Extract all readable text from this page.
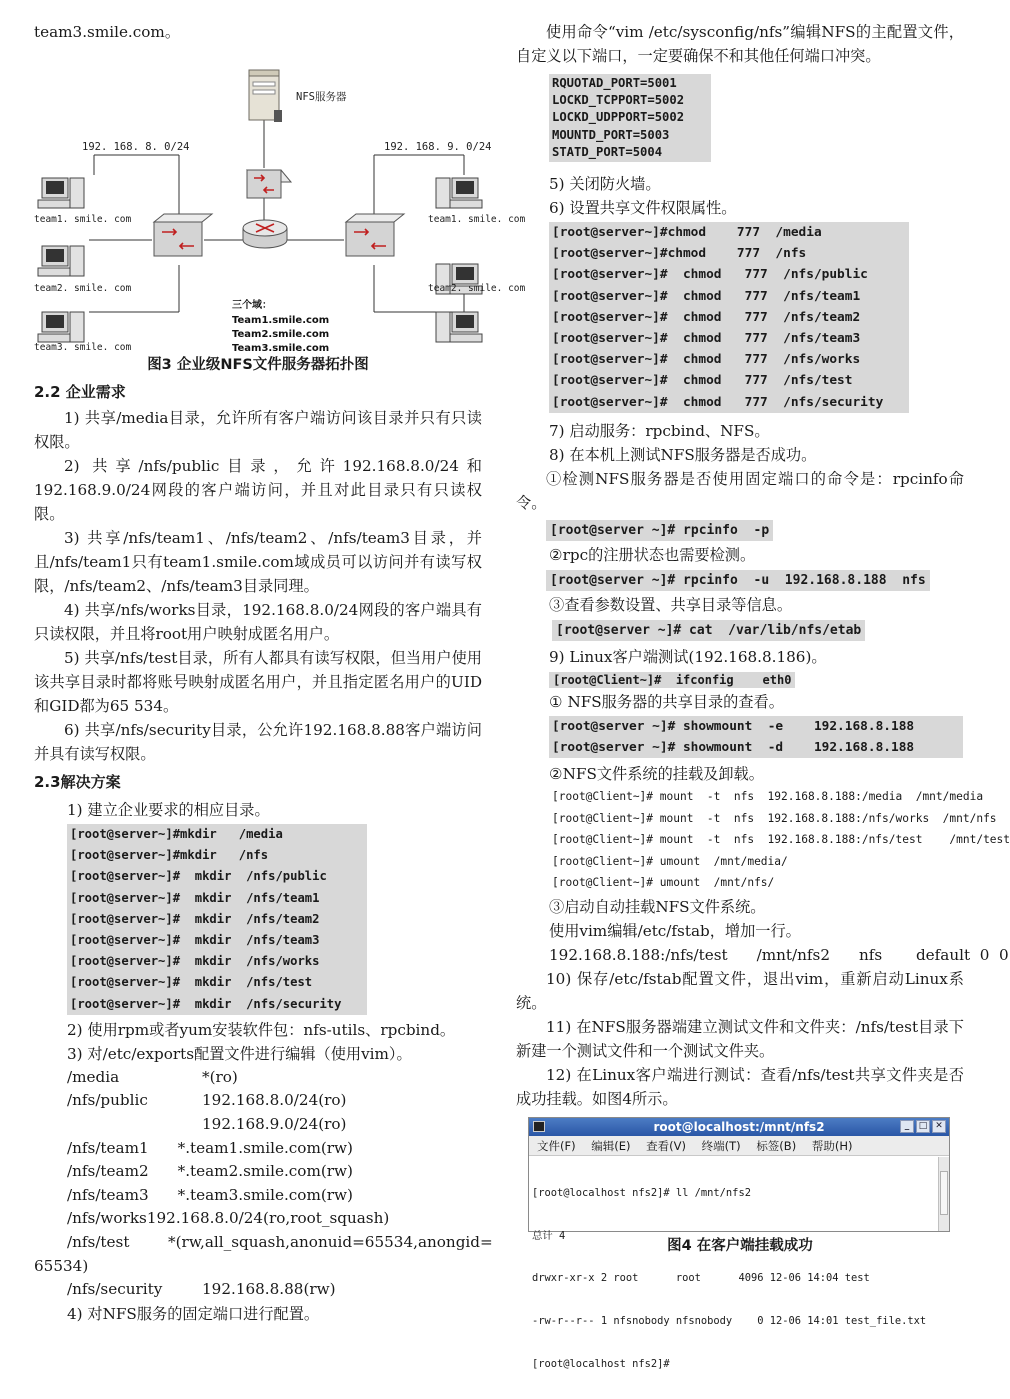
team3.smile.com。
NFS服务器
192. 168. 8. 0/24	192. 168. 9. 0/24
team1. smile. com
team2. smile. com
team3. smile. com
team1. smile. com
team2. smile. com
三个域：
Team1.smile.com
Team2.smile.com
Team3.smile.com
图3 企业级NFS文件服务器拓扑图
2.2 企业需求
1) 共享/media目录，允许所有客户端访问该目录并只有只读权限。
2) 共享/nfs/public目录，允许192.168.8.0/24和192.168.9.0/24网段的客户端访问，并且对此目录只有只读权限。
3) 共享/nfs/team1、/nfs/team2、/nfs/team3目录，并且/nfs/team1只有team1.smile.com域成员可以访问并有读写权限，/nfs/team2、/nfs/team3目录同理。
4) 共享/nfs/works目录，192.168.8.0/24网段的客户端具有只读权限，并且将root用户映射成匿名用户。
5) 共享/nfs/test目录，所有人都具有读写权限，但当用户使用该共享目录时都将账号映射成匿名用户，并且指定匿名用户的UID和GID都为65 534。
6) 共享/nfs/security目录，公允许192.168.8.88客户端访问并具有读写权限。
2.3解决方案
1) 建立企业要求的相应目录。
[root@server~]#mkdir   /media
[root@server~]#mkdir   /nfs
[root@server~]#  mkdir  /nfs/public
[root@server~]#  mkdir  /nfs/team1
[root@server~]#  mkdir  /nfs/team2
[root@server~]#  mkdir  /nfs/team3
[root@server~]#  mkdir  /nfs/works
[root@server~]#  mkdir  /nfs/test
[root@server~]#  mkdir  /nfs/security
2) 使用rpm或者yum安装软件包：nfs-utils、rpcbind。
3) 对/etc/exports配置文件进行编辑（使用vim）。
/media	*(ro)
/nfs/public	192.168.8.0/24(ro)
192.168.9.0/24(ro)
/nfs/team1      *.team1.smile.com(rw)
/nfs/team2      *.team2.smile.com(rw)
/nfs/team3      *.team3.smile.com(rw)
/nfs/works192.168.8.0/24(ro,root_squash)
/nfs/test        *(rw,all_squash,anonuid=65534,anongid=
65534)
/nfs/security	192.168.8.88(rw)
4) 对NFS服务的固定端口进行配置。
使用命令“vim /etc/sysconfig/nfs”编辑NFS的主配置文件，自定义以下端口，一定要确保不和其他任何端口冲突。
RQUOTAD_PORT=5001
LOCKD_TCPPORT=5002
LOCKD_UDPPORT=5002
MOUNTD_PORT=5003
STATD_PORT=5004
5) 关闭防火墙。
6) 设置共享文件权限属性。
[root@server~]#chmod    777  /media
[root@server~]#chmod    777  /nfs
[root@server~]#  chmod   777  /nfs/public
[root@server~]#  chmod   777  /nfs/team1
[root@server~]#  chmod   777  /nfs/team2
[root@server~]#  chmod   777  /nfs/team3
[root@server~]#  chmod   777  /nfs/works
[root@server~]#  chmod   777  /nfs/test
[root@server~]#  chmod   777  /nfs/security
7) 启动服务：rpcbind、NFS。
8) 在本机上测试NFS服务器是否成功。
①检测NFS服务器是否使用固定端口的命令是：rpcinfo命令。
[root@server ~]# rpcinfo  -p
②rpc的注册状态也需要检测。
[root@server ~]# rpcinfo  -u  192.168.8.188  nfs
③查看参数设置、共享目录等信息。
[root@server ~]# cat  /var/lib/nfs/etab
9) Linux客户端测试(192.168.8.186)。
[root@Client~]#  ifconfig    eth0
① NFS服务器的共享目录的查看。
[root@server ~]# showmount  -e    192.168.8.188
[root@server ~]# showmount  -d    192.168.8.188
②NFS文件系统的挂载及卸载。
[root@Client~]# mount  -t  nfs  192.168.8.188:/media  /mnt/media
[root@Client~]# mount  -t  nfs  192.168.8.188:/nfs/works  /mnt/nfs
[root@Client~]# mount  -t  nfs  192.168.8.188:/nfs/test    /mnt/test
[root@Client~]# umount  /mnt/media/
[root@Client~]# umount  /mnt/nfs/
③启动自动挂载NFS文件系统。
使用vim编辑/etc/fstab，增加一行。
192.168.8.188:/nfs/test      /mnt/nfs2      nfs       default  0  0
10) 保存/etc/fstab配置文件，退出vim，重新启动Linux系统。
11) 在NFS服务器端建立测试文件和文件夹：/nfs/test目录下新建一个测试文件和一个测试文件夹。
12) 在Linux客户端进行测试：查看/nfs/test共享文件夹是否成功挂载。如图4所示。
root@localhost:/mnt/nfs2	_	□ ✕
文件(F) 编辑(E) 查看(V) 终端(T) 标签(B) 帮助(H)

[root@localhost nfs2]# ll /mnt/nfs2

总计 4

drwxr-xr-x 2 root      root      4096 12-06 14:04 test

-rw-r--r-- 1 nfsnobody nfsnobody    0 12-06 14:01 test_file.txt

[root@localhost nfs2]#

图4 在客户端挂载成功
